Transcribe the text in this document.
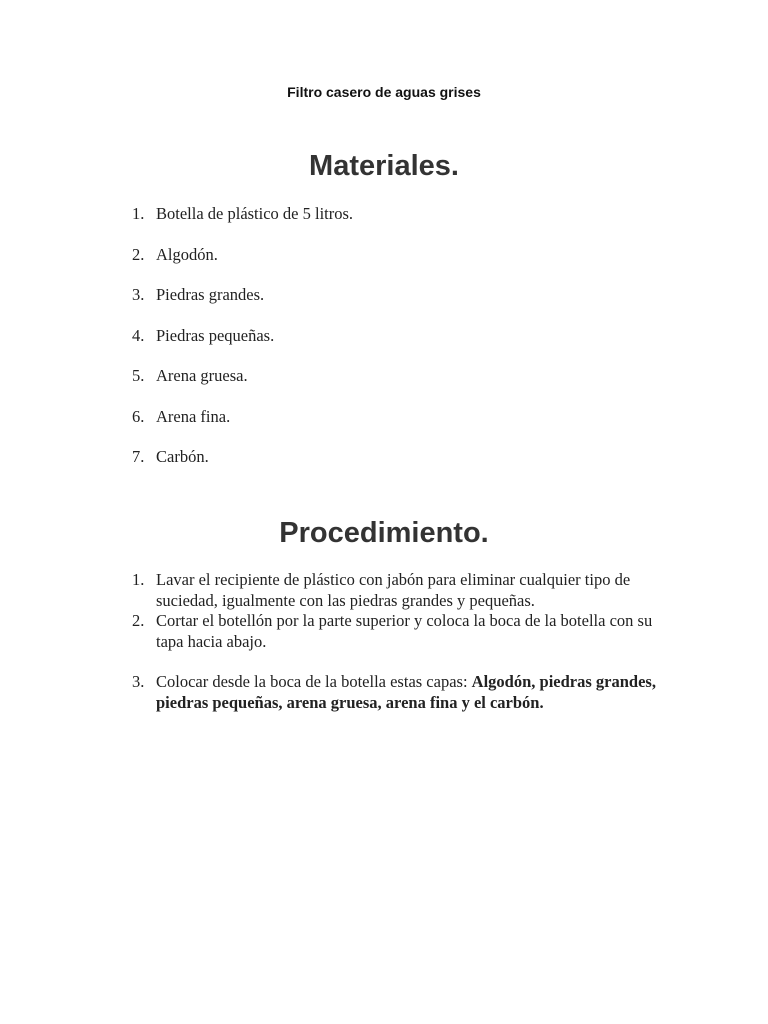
Filtro casero de aguas grises
Materiales.
1. Botella de plástico de 5 litros.
2. Algodón.
3. Piedras grandes.
4. Piedras pequeñas.
5. Arena gruesa.
6. Arena fina.
7. Carbón.
Procedimiento.
1. Lavar el recipiente de plástico con jabón para eliminar cualquier tipo de suciedad, igualmente con las piedras grandes y pequeñas.
2. Cortar el botellón por la parte superior y coloca la boca de la botella con su tapa hacia abajo.
3. Colocar desde la boca de la botella estas capas: Algodón, piedras grandes, piedras pequeñas, arena gruesa, arena fina y el carbón.
